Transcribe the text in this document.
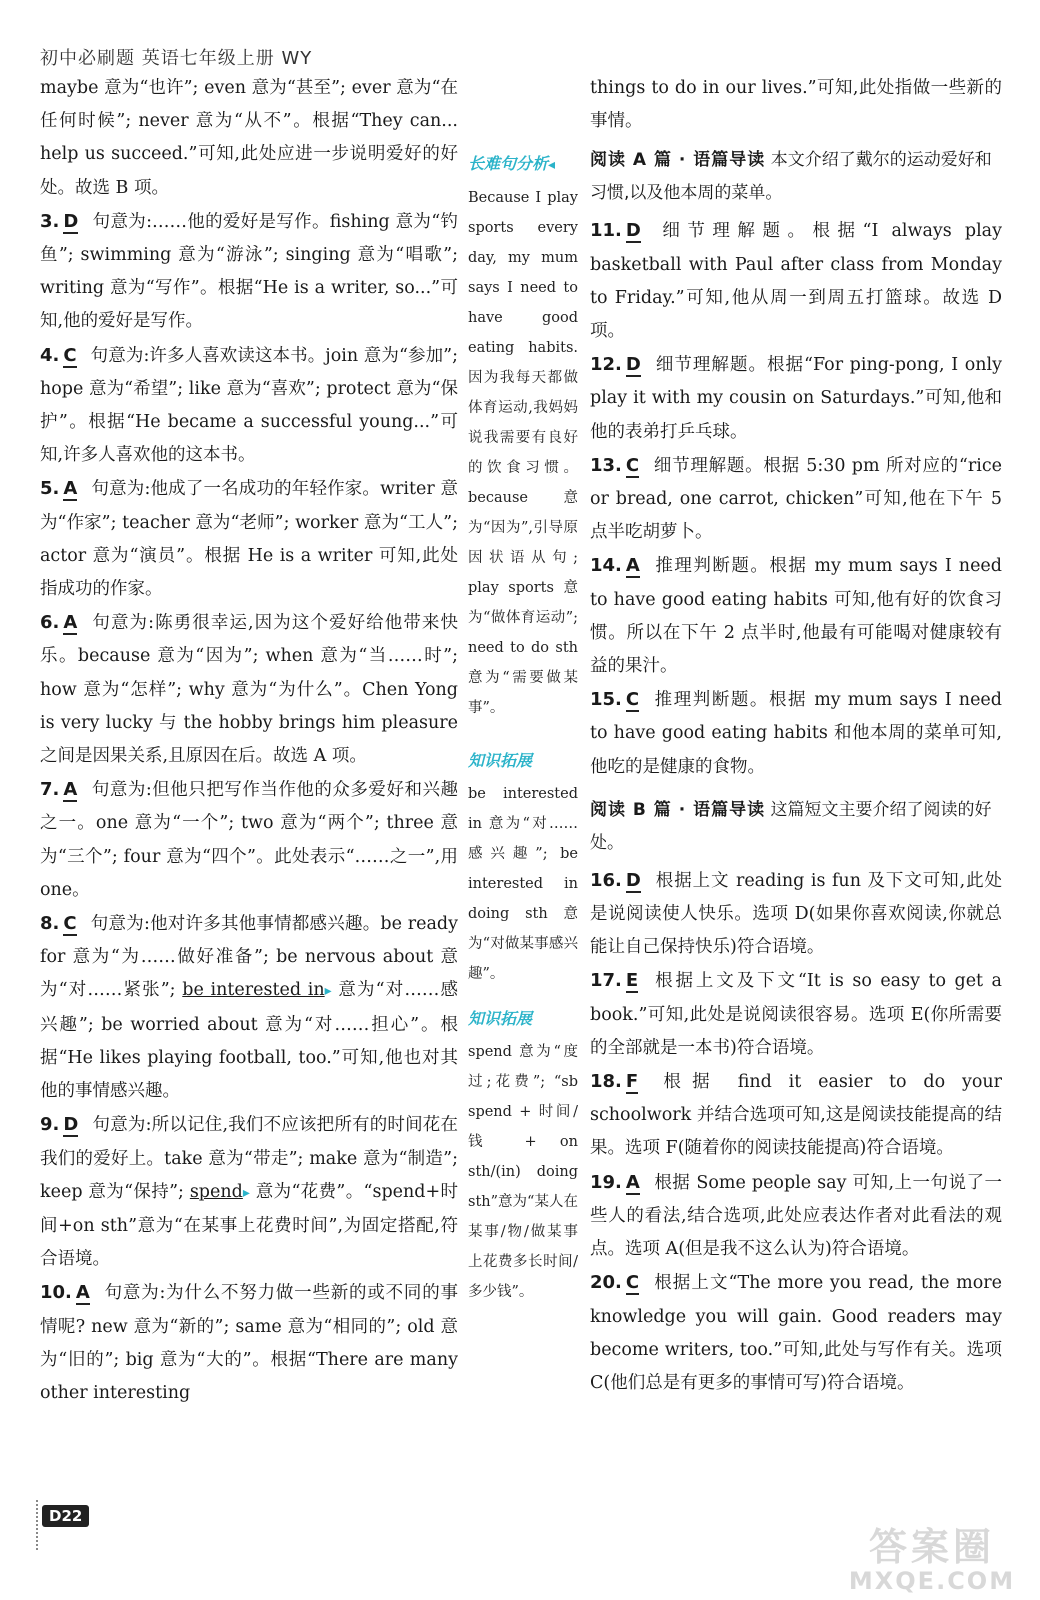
初中必刷题 英语七年级上册 WY

maybe 意为“也许”; even 意为“甚至”; ever 意为“在任何时候”; never 意为“从不”。根据“They can... help us succeed.”可知,此处应进一步说明爱好的好处。故选 B 项。

3. D 句意为:……他的爱好是写作。fishing 意为“钓鱼”; swimming 意为“游泳”; singing 意为“唱歌”; writing 意为“写作”。根据“He is a writer, so...”可知,他的爱好是写作。

4. C 句意为:许多人喜欢读这本书。join 意为“参加”; hope 意为“希望”; like 意为“喜欢”; protect 意为“保护”。根据“He became a successful young...”可知,许多人喜欢他的这本书。

5. A 句意为:他成了一名成功的年轻作家。writer 意为“作家”; teacher 意为“老师”; worker 意为“工人”; actor 意为“演员”。根据 He is a writer 可知,此处指成功的作家。

6. A 句意为:陈勇很幸运,因为这个爱好给他带来快乐。because 意为“因为”; when 意为“当……时”; how 意为“怎样”; why 意为“为什么”。Chen Yong is very lucky 与 the hobby brings him pleasure 之间是因果关系,且原因在后。故选 A 项。

7. A 句意为:但他只把写作当作他的众多爱好和兴趣之一。one 意为“一个”; two 意为“两个”; three 意为“三个”; four 意为“四个”。此处表示“……之一”,用 one。

8. C 句意为:他对许多其他事情都感兴趣。be ready for 意为“为……做好准备”; be nervous about 意为“对……紧张”; be interested in▸ 意为“对……感兴趣”; be worried about 意为“对……担心”。根据“He likes playing football, too.”可知,他也对其他的事情感兴趣。

9. D 句意为:所以记住,我们不应该把所有的时间花在我们的爱好上。take 意为“带走”; make 意为“制造”; keep 意为“保持”; spend▸ 意为“花费”。“spend+时间+on sth”意为“在某事上花费时间”,为固定搭配,符合语境。

10. A 句意为:为什么不努力做一些新的或不同的事情呢? new 意为“新的”; same 意为“相同的”; old 意为“旧的”; big 意为“大的”。根据“There are many other interesting

长难句分析◂

Because I play sports every day, my mum says I need to have good eating habits. 因为我每天都做体育运动,我妈妈说我需要有良好的饮食习惯。because 意为“因为”,引导原因状语从句; play sports 意为“做体育运动”; need to do sth 意为“需要做某事”。

知识拓展

be interested in 意为“对……感兴趣”; be interested in doing sth 意为“对做某事感兴趣”。

知识拓展

spend 意为“度过;花费”; “sb spend + 时间/钱 + on sth/(in) doing sth”意为“某人在某事/物/做某事上花费多长时间/多少钱”。

things to do in our lives.”可知,此处指做一些新的事情。

阅读 A 篇 · 语篇导读 本文介绍了戴尔的运动爱好和习惯,以及他本周的菜单。

11. D 细节理解题。根据“I always play basketball with Paul after class from Monday to Friday.”可知,他从周一到周五打篮球。故选 D 项。

12. D 细节理解题。根据“For ping-pong, I only play it with my cousin on Saturdays.”可知,他和他的表弟打乒乓球。

13. C 细节理解题。根据 5:30 pm 所对应的“rice or bread, one carrot, chicken”可知,他在下午 5 点半吃胡萝卜。

14. A 推理判断题。根据 my mum says I need to have good eating habits 可知,他有好的饮食习惯。所以在下午 2 点半时,他最有可能喝对健康较有益的果汁。

15. C 推理判断题。根据 my mum says I need to have good eating habits 和他本周的菜单可知,他吃的是健康的食物。

阅读 B 篇 · 语篇导读 这篇短文主要介绍了阅读的好处。

16. D 根据上文 reading is fun 及下文可知,此处是说阅读使人快乐。选项 D(如果你喜欢阅读,你就总能让自己保持快乐)符合语境。

17. E 根据上文及下文“It is so easy to get a book.”可知,此处是说阅读很容易。选项 E(你所需要的全部就是一本书)符合语境。

18. F 根据 find it easier to do your schoolwork 并结合选项可知,这是阅读技能提高的结果。选项 F(随着你的阅读技能提高)符合语境。

19. A 根据 Some people say 可知,上一句说了一些人的看法,结合选项,此处应表达作者对此看法的观点。选项 A(但是我不这么认为)符合语境。

20. C 根据上文“The more you read, the more knowledge you will gain. Good readers may become writers, too.”可知,此处与写作有关。选项 C(他们总是有更多的事情可写)符合语境。

D22
答案圈
MXQE.COM
